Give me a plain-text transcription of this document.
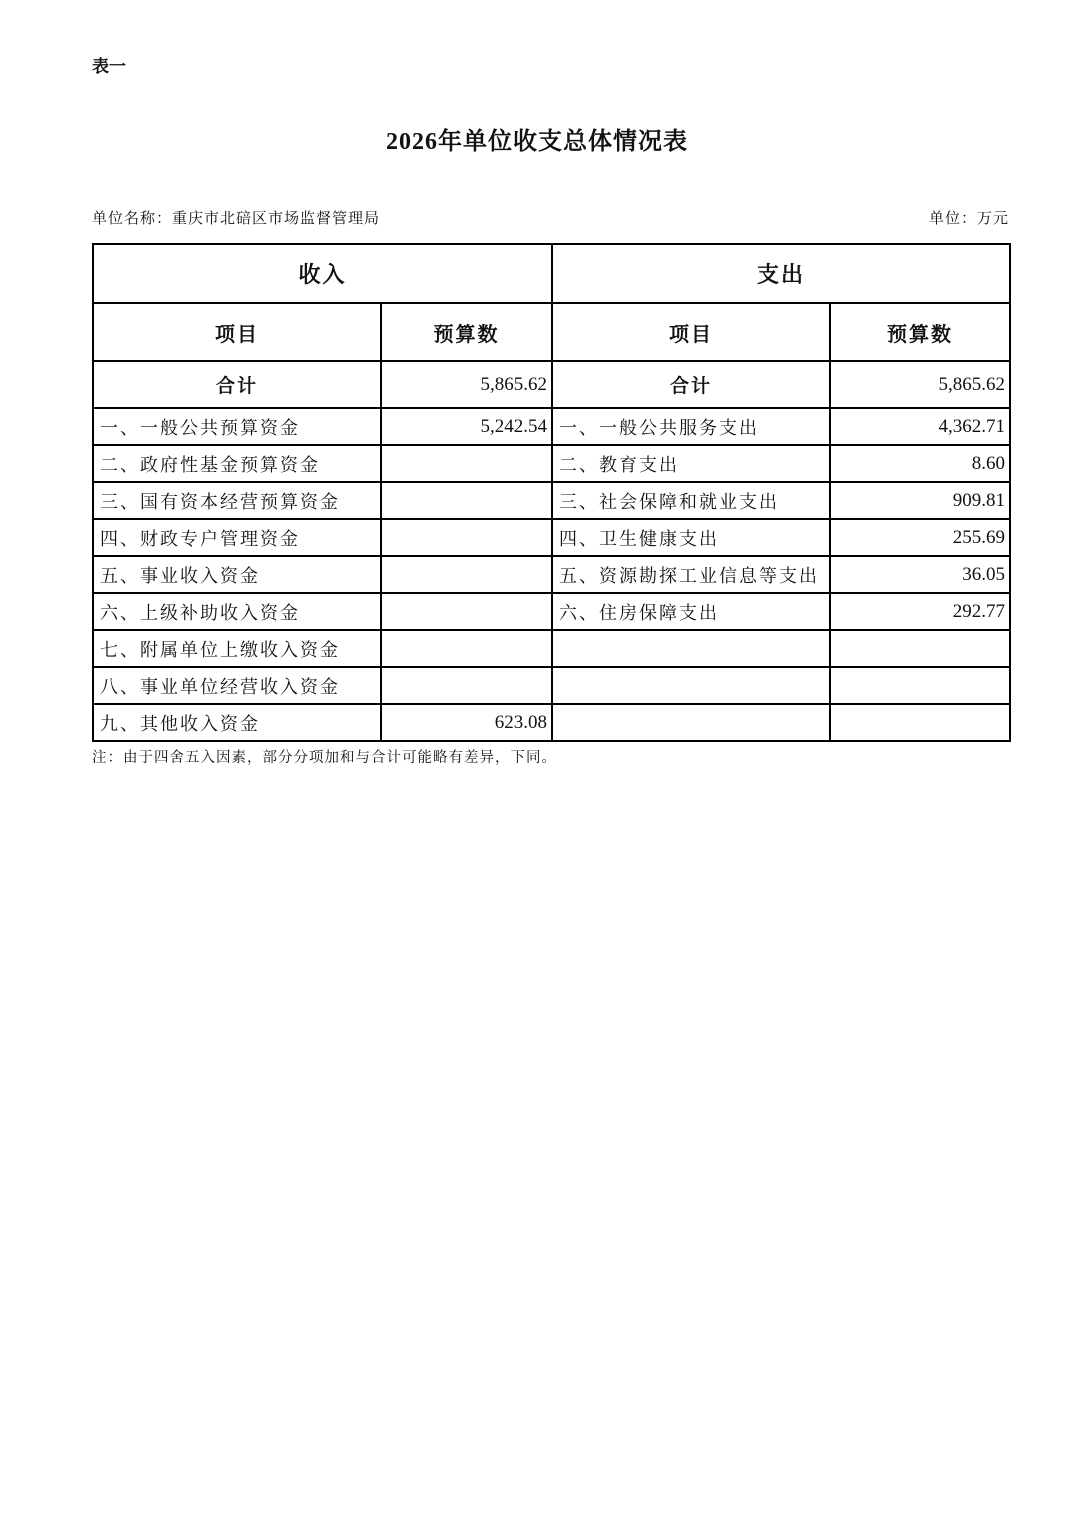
表一
2026年单位收支总体情况表
单位名称：重庆市北碚区市场监督管理局	单位：万元
收入		支出	
项目	预算数	项目	预算数
合计	5,865.62	合计	5,865.62
一、一般公共预算资金	5,242.54	一、一般公共服务支出	4,362.71
二、政府性基金预算资金		二、教育支出	8.60
三、国有资本经营预算资金		三、社会保障和就业支出	909.81
四、财政专户管理资金		四、卫生健康支出	255.69
五、事业收入资金		五、资源勘探工业信息等支出	36.05
六、上级补助收入资金		六、住房保障支出	292.77
七、附属单位上缴收入资金			
八、事业单位经营收入资金			
九、其他收入资金	623.08		
注：由于四舍五入因素，部分分项加和与合计可能略有差异，下同。
